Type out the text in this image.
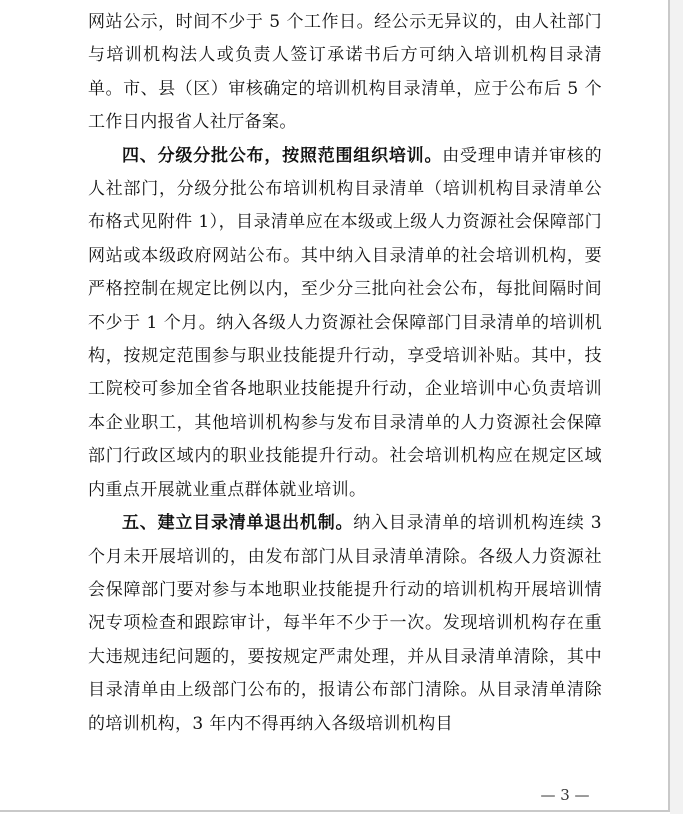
网站公示，时间不少于 5 个工作日。经公示无异议的，由人社部门与培训机构法人或负责人签订承诺书后方可纳入培训机构目录清单。市、县（区）审核确定的培训机构目录清单，应于公布后 5 个工作日内报省人社厅备案。

四、分级分批公布，按照范围组织培训。由受理申请并审核的人社部门，分级分批公布培训机构目录清单（培训机构目录清单公布格式见附件 1），目录清单应在本级或上级人力资源社会保障部门网站或本级政府网站公布。其中纳入目录清单的社会培训机构，要严格控制在规定比例以内，至少分三批向社会公布，每批间隔时间不少于 1 个月。纳入各级人力资源社会保障部门目录清单的培训机构，按规定范围参与职业技能提升行动，享受培训补贴。其中，技工院校可参加全省各地职业技能提升行动，企业培训中心负责培训本企业职工，其他培训机构参与发布目录清单的人力资源社会保障部门行政区域内的职业技能提升行动。社会培训机构应在规定区域内重点开展就业重点群体就业培训。

五、建立目录清单退出机制。纳入目录清单的培训机构连续 3 个月未开展培训的，由发布部门从目录清单清除。各级人力资源社会保障部门要对参与本地职业技能提升行动的培训机构开展培训情况专项检查和跟踪审计，每半年不少于一次。发现培训机构存在重大违规违纪问题的，要按规定严肃处理，并从目录清单清除，其中目录清单由上级部门公布的，报请公布部门清除。从目录清单清除的培训机构，3 年内不得再纳入各级培训机构目

— 3 —
